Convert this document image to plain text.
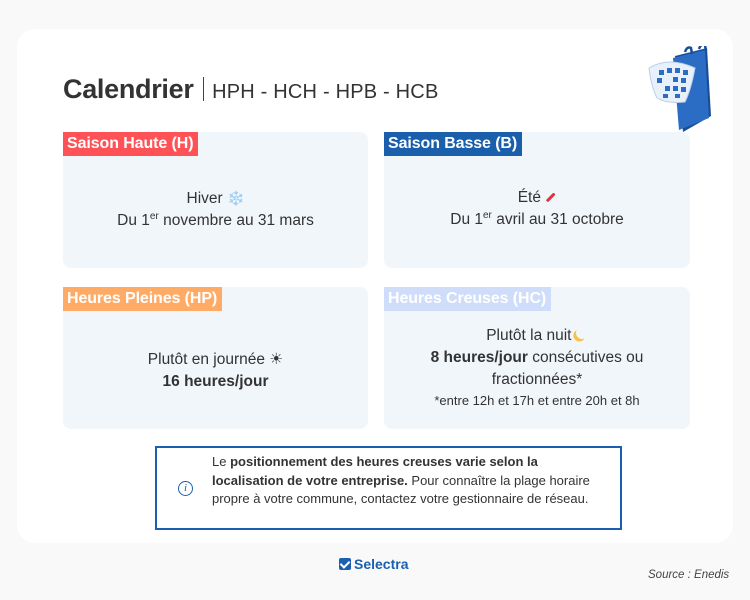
Calendrier HPH - HCH - HPB - HCB
Saison Haute (H)
Hiver ❄️
Du 1er novembre au 31 mars
Saison Basse (B)
Été
Du 1er avril au 31 octobre
Heures Pleines (HP)
Plutôt en journée ☀
16 heures/jour
Heures Creuses (HC)
Plutôt la nuit
8 heures/jour consécutives ou fractionnées*
*entre 12h et 17h et entre 20h et 8h
i
Le positionnement des heures creuses varie selon la localisation de votre entreprise. Pour connaître la plage horaire propre à votre commune, contactez votre gestionnaire de réseau.
Selectra
Source : Enedis
